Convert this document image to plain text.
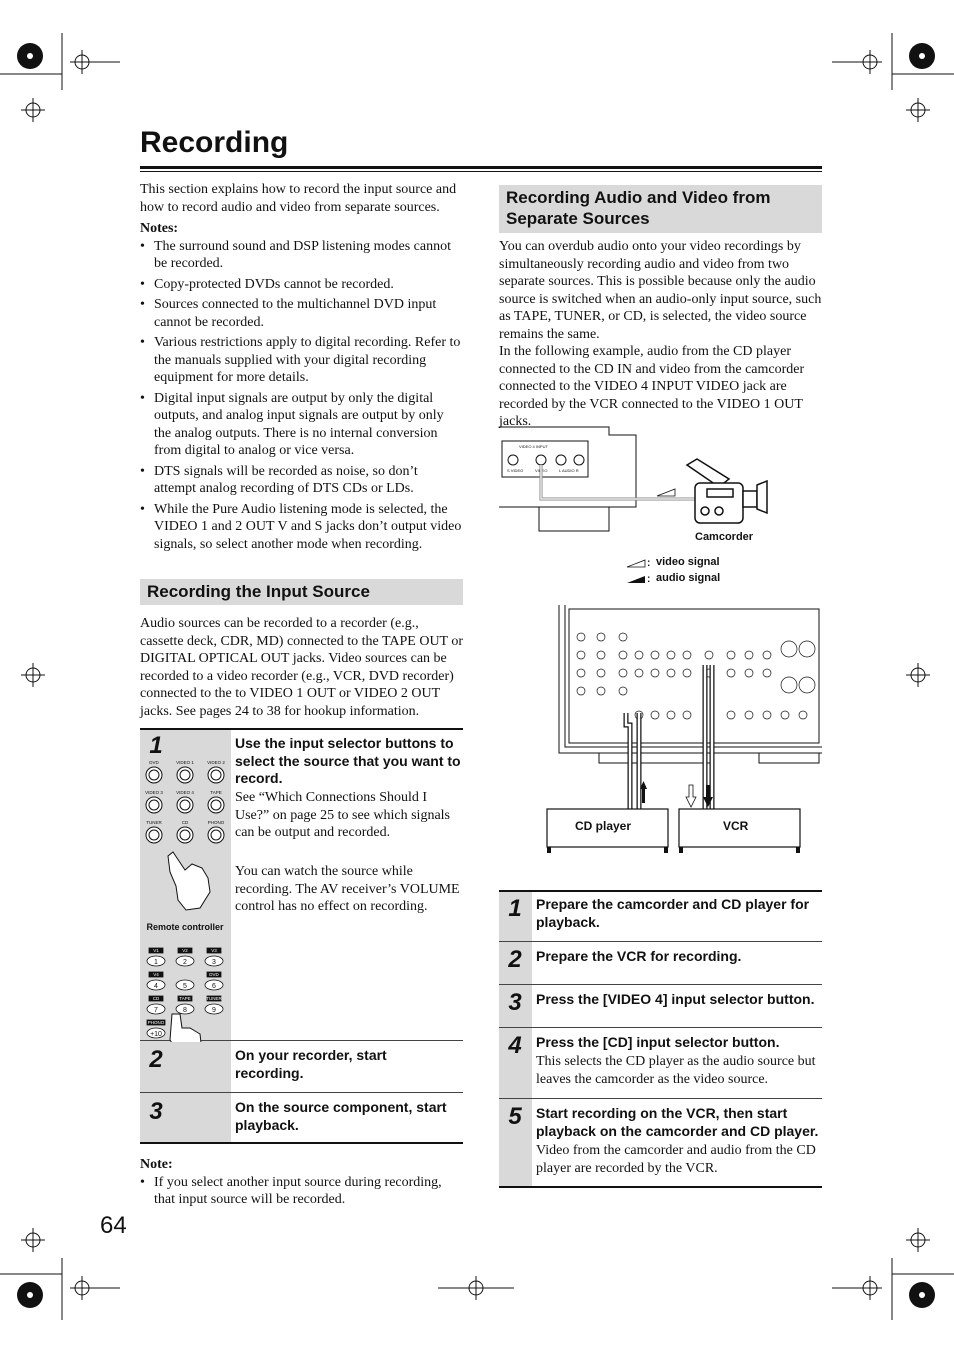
Recording
This section explains how to record the input source and how to record audio and video from separate sources.
Notes:
• The surround sound and DSP listening modes cannot be recorded.
• Copy-protected DVDs cannot be recorded.
• Sources connected to the multichannel DVD input cannot be recorded.
• Various restrictions apply to digital recording. Refer to the manuals supplied with your digital recording equipment for more details.
• Digital input signals are output by only the digital outputs, and analog input signals are output by only the analog outputs. There is no internal conversion from digital to analog or vice versa.
• DTS signals will be recorded as noise, so don’t attempt analog recording of DTS CDs or LDs.
• While the Pure Audio listening mode is selected, the VIDEO 1 and 2 OUT V and S jacks don’t output video signals, so select another mode when recording.
Recording the Input Source
Audio sources can be recorded to a recorder (e.g., cassette deck, CDR, MD) connected to the TAPE OUT or DIGITAL OPTICAL OUT jacks. Video sources can be recorded to a video recorder (e.g., VCR, DVD recorder) connected to the to VIDEO 1 OUT or VIDEO 2 OUT jacks. See pages 24 to 38 for hookup information.
1	Use the input selector buttons to select the source that you want to record.
See “Which Connections Should I Use?” on page 25 to see which signals can be output and recorded.
You can watch the source while recording. The AV receiver’s VOLUME control has no effect on recording.
2	On your recorder, start recording.
3	On the source component, start playback.
DVD	VIDEO 1	VIDEO 2
VIDEO 3	VIDEO 4	TAPE
TUNER	CD	PHONO
Remote controller
V1	V2	V3
V4	DVD
CD	TAPE	TUNER
PHONO
1	2	3
4	5	6
7	8	9
+10
Note:
• If you select another input source during recording, that input source will be recorded.
64
Recording Audio and Video from
Separate Sources
You can overdub audio onto your video recordings by simultaneously recording audio and video from two separate sources. This is possible because only the audio source is switched when an audio-only input source, such as TAPE, TUNER, or CD, is selected, the video source remains the same.
In the following example, audio from the CD player connected to the CD IN and video from the camcorder connected to the VIDEO 4 INPUT VIDEO jack are recorded by the VCR connected to the VIDEO 1 OUT jacks.
VIDEO 4 INPUT
S VIDEO	VIDEO	L AUDIO R
Camcorder
:
:
video signal
audio signal
CD player	VCR
1	Prepare the camcorder and CD player for playback.
2	Prepare the VCR for recording.
3	Press the [VIDEO 4] input selector button.
4	Press the [CD] input selector button.
This selects the CD player as the audio source but leaves the camcorder as the video source.
5	Start recording on the VCR, then start playback on the camcorder and CD player.
Video from the camcorder and audio from the CD player are recorded by the VCR.
